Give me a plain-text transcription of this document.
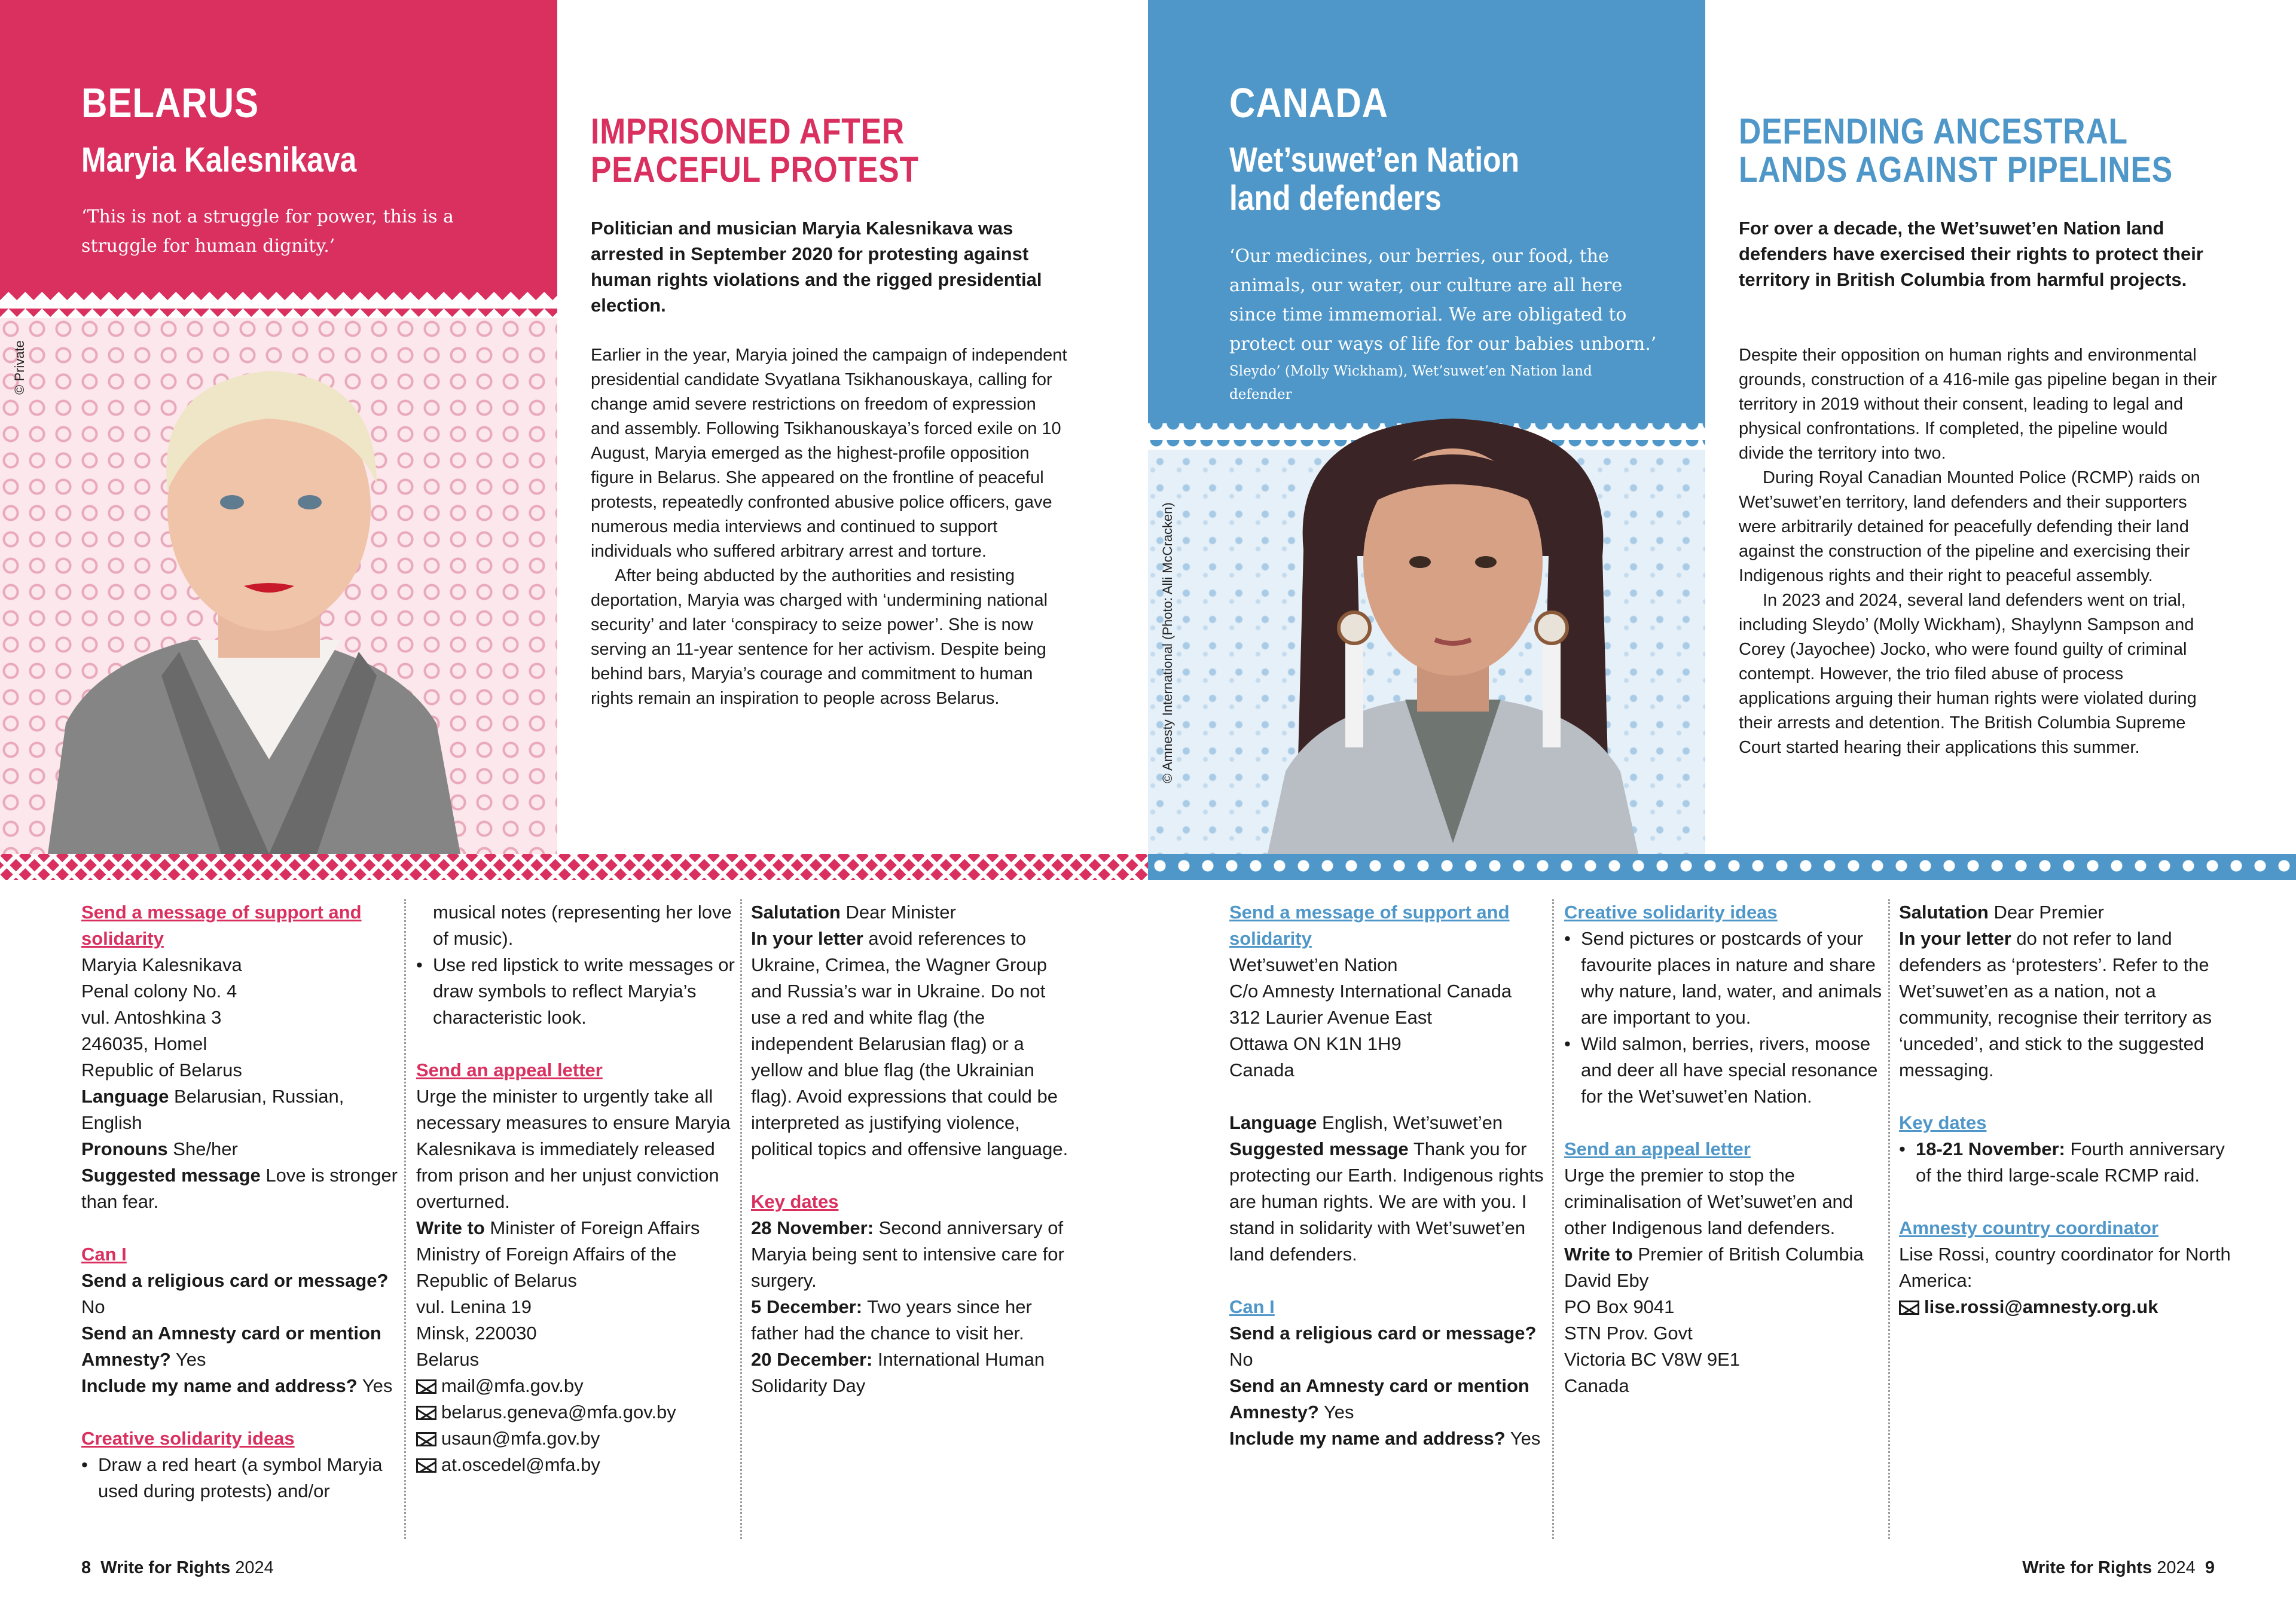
BELARUS
Maryia Kalesnikava
‘This is not a struggle for power, this is a struggle for human dignity.’
© Private
IMPRISONED AFTER PEACEFUL PROTEST
Politician and musician Maryia Kalesnikava was arrested in September 2020 for protesting against human rights violations and the rigged presidential election.

Earlier in the year, Maryia joined the campaign of independent presidential candidate Svyatlana Tsikhanouskaya, calling for change amid severe restrictions on freedom of expression and assembly. Following Tsikhanouskaya’s forced exile on 10 August, Maryia emerged as the highest-profile opposition figure in Belarus. She appeared on the frontline of peaceful protests, repeatedly confronted abusive police officers, gave numerous media interviews and continued to support individuals who suffered arbitrary arrest and torture.

After being abducted by the authorities and resisting deportation, Maryia was charged with ‘undermining national security’ and later ‘conspiracy to seize power’. She is now serving an 11-year sentence for her activism. Despite being behind bars, Maryia’s courage and commitment to human rights remain an inspiration to people across Belarus.

Send a message of support and solidarity
Maryia Kalesnikava
Penal colony No. 4
vul. Antoshkina 3
246035, Homel
Republic of Belarus
Language Belarusian, Russian, English
Pronouns She/her
Suggested message Love is stronger than fear.
Can I
Send a religious card or message?
No
Send an Amnesty card or mention Amnesty? Yes
Include my name and address? Yes
Creative solidarity ideas
• Draw a red heart (a symbol Maryia used during protests) and/or
musical notes (representing her love of music).
• Use red lipstick to write messages or draw symbols to reflect Maryia’s characteristic look.
Send an appeal letter
Urge the minister to urgently take all necessary measures to ensure Maryia Kalesnikava is immediately released from prison and her unjust conviction overturned.
Write to Minister of Foreign Affairs
Ministry of Foreign Affairs of the Republic of Belarus
vul. Lenina 19
Minsk, 220030
Belarus
mail@mfa.gov.by
belarus.geneva@mfa.gov.by
usaun@mfa.gov.by
at.oscedel@mfa.by
Salutation Dear Minister
In your letter avoid references to Ukraine, Crimea, the Wagner Group and Russia’s war in Ukraine. Do not use a red and white flag (the independent Belarusian flag) or a yellow and blue flag (the Ukrainian flag). Avoid expressions that could be interpreted as justifying violence, political topics and offensive language.
Key dates
28 November: Second anniversary of Maryia being sent to intensive care for surgery.
5 December: Two years since her father had the chance to visit her.
20 December: International Human Solidarity Day
8 Write for Rights 2024
CANADA
Wet’suwet’en Nation
land defenders
‘Our medicines, our berries, our food, the animals, our water, our culture are all here since time immemorial. We are obligated to protect our ways of life for our babies unborn.’
Sleydo’ (Molly Wickham), Wet’suwet’en Nation land defender
© Amnesty International (Photo: Alli McCracken)
DEFENDING ANCESTRAL LANDS AGAINST PIPELINES
For over a decade, the Wet’suwet’en Nation land defenders have exercised their rights to protect their territory in British Columbia from harmful projects.

Despite their opposition on human rights and environmental grounds, construction of a 416-mile gas pipeline began in their territory in 2019 without their consent, leading to legal and physical confrontations. If completed, the pipeline would divide the territory into two.

During Royal Canadian Mounted Police (RCMP) raids on Wet’suwet’en territory, land defenders and their supporters were arbitrarily detained for peacefully defending their land against the construction of the pipeline and exercising their Indigenous rights and their right to peaceful assembly.

In 2023 and 2024, several land defenders went on trial, including Sleydo’ (Molly Wickham), Shaylynn Sampson and Corey (Jayochee) Jocko, who were found guilty of criminal contempt. However, the trio filed abuse of process applications arguing their human rights were violated during their arrests and detention. The British Columbia Supreme Court started hearing their applications this summer.

Send a message of support and solidarity
Wet’suwet’en Nation
C/o Amnesty International Canada
312 Laurier Avenue East
Ottawa ON K1N 1H9
Canada
Language English, Wet’suwet’en
Suggested message Thank you for protecting our Earth. Indigenous rights are human rights. We are with you. I stand in solidarity with Wet’suwet’en land defenders.
Can I
Send a religious card or message?
No
Send an Amnesty card or mention Amnesty? Yes
Include my name and address? Yes
Creative solidarity ideas
• Send pictures or postcards of your favourite places in nature and share why nature, land, water, and animals are important to you.
• Wild salmon, berries, rivers, moose and deer all have special resonance for the Wet’suwet’en Nation.
Send an appeal letter
Urge the premier to stop the criminalisation of Wet’suwet’en and other Indigenous land defenders.
Write to Premier of British Columbia David Eby
PO Box 9041
STN Prov. Govt
Victoria BC V8W 9E1
Canada
Salutation Dear Premier
In your letter do not refer to land defenders as ‘protesters’. Refer to the Wet’suwet’en as a nation, not a community, recognise their territory as ‘unceded’, and stick to the suggested messaging.
Key dates
• 18-21 November: Fourth anniversary of the third large-scale RCMP raid.
Amnesty country coordinator
Lise Rossi, country coordinator for North America:
lise.rossi@amnesty.org.uk
Write for Rights 2024 9
